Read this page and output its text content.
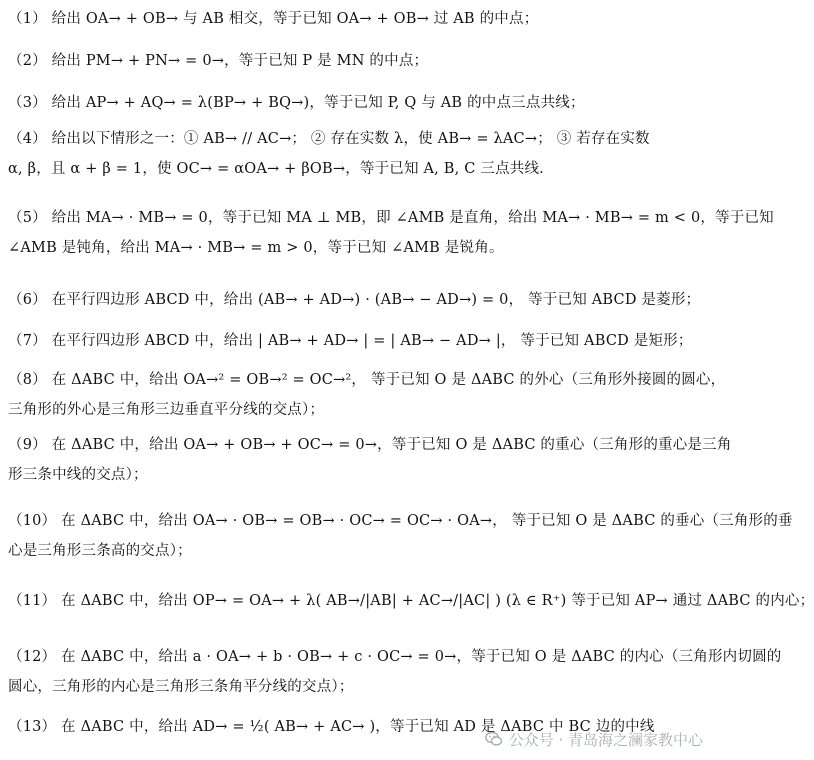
（1） 给出 OA→ + OB→ 与 AB 相交，等于已知 OA→ + OB→ 过 AB 的中点；
（2） 给出 PM→ + PN→ = 0→，等于已知 P 是 MN 的中点；
（3） 给出 AP→ + AQ→ = λ(BP→ + BQ→)，等于已知 P, Q 与 AB 的中点三点共线；
（4） 给出以下情形之一：① AB→ // AC→； ② 存在实数 λ，使 AB→ = λAC→； ③ 若存在实数
α, β，且 α + β = 1，使 OC→ = αOA→ + βOB→，等于已知 A, B, C 三点共线.
（5） 给出 MA→ · MB→ = 0，等于已知 MA ⊥ MB，即 ∠AMB 是直角，给出 MA→ · MB→ = m < 0，等于已知
∠AMB 是钝角，给出 MA→ · MB→ = m > 0，等于已知 ∠AMB 是锐角。
（6） 在平行四边形 ABCD 中，给出 (AB→ + AD→) · (AB→ − AD→) = 0， 等于已知 ABCD 是菱形；
（7） 在平行四边形 ABCD 中，给出 | AB→ + AD→ | = | AB→ − AD→ |， 等于已知 ABCD 是矩形；
（8） 在 ΔABC 中，给出 OA→² = OB→² = OC→²， 等于已知 O 是 ΔABC 的外心（三角形外接圆的圆心，
三角形的外心是三角形三边垂直平分线的交点）；
（9） 在 ΔABC 中，给出 OA→ + OB→ + OC→ = 0→，等于已知 O 是 ΔABC 的重心（三角形的重心是三角
形三条中线的交点）；
（10） 在 ΔABC 中，给出 OA→ · OB→ = OB→ · OC→ = OC→ · OA→， 等于已知 O 是 ΔABC 的垂心（三角形的垂
心是三角形三条高的交点）；
（11） 在 ΔABC 中，给出 OP→ = OA→ + λ( AB→/|AB| + AC→/|AC| ) (λ ∈ R⁺) 等于已知 AP→ 通过 ΔABC 的内心；
（12） 在 ΔABC 中，给出 a · OA→ + b · OB→ + c · OC→ = 0→，等于已知 O 是 ΔABC 的内心（三角形内切圆的
圆心，三角形的内心是三角形三条角平分线的交点）；
（13） 在 ΔABC 中，给出 AD→ = ½( AB→ + AC→ )，等于已知 AD 是 ΔABC 中 BC 边的中线
公众号 · 青岛海之澜家教中心
